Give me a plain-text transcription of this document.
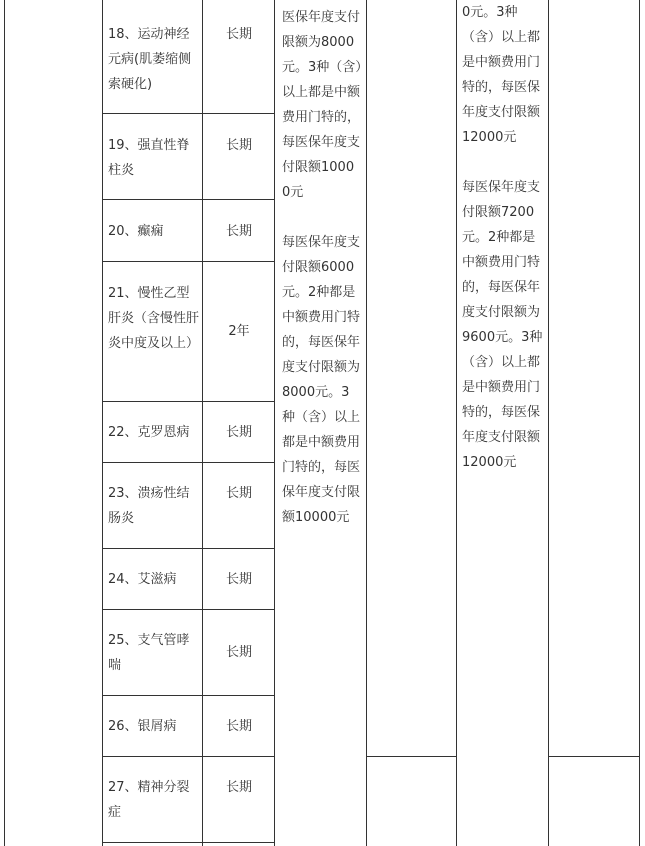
18、运动神经元病(肌萎缩侧索硬化)
19、强直性脊柱炎
20、癫痫
21、慢性乙型肝炎（含慢性肝炎中度及以上）
22、克罗恩病
23、溃疡性结肠炎
24、艾滋病
25、支气管哮喘
26、银屑病
27、精神分裂症
长期
长期
长期
2年
长期
长期
长期
长期
长期
长期

医保年度支付限额为8000元。3种（含）以上都是中额费用门特的，每医保年度支付限额10000元

每医保年度支付限额6000元。2种都是中额费用门特的，每医保年度支付限额为8000元。3种（含）以上都是中额费用门特的，每医保年度支付限额10000元

0元。3种（含）以上都是中额费用门特的，每医保年度支付限额12000元

每医保年度支付限额7200元。2种都是中额费用门特的，每医保年度支付限额为9600元。3种（含）以上都是中额费用门特的，每医保年度支付限额12000元
